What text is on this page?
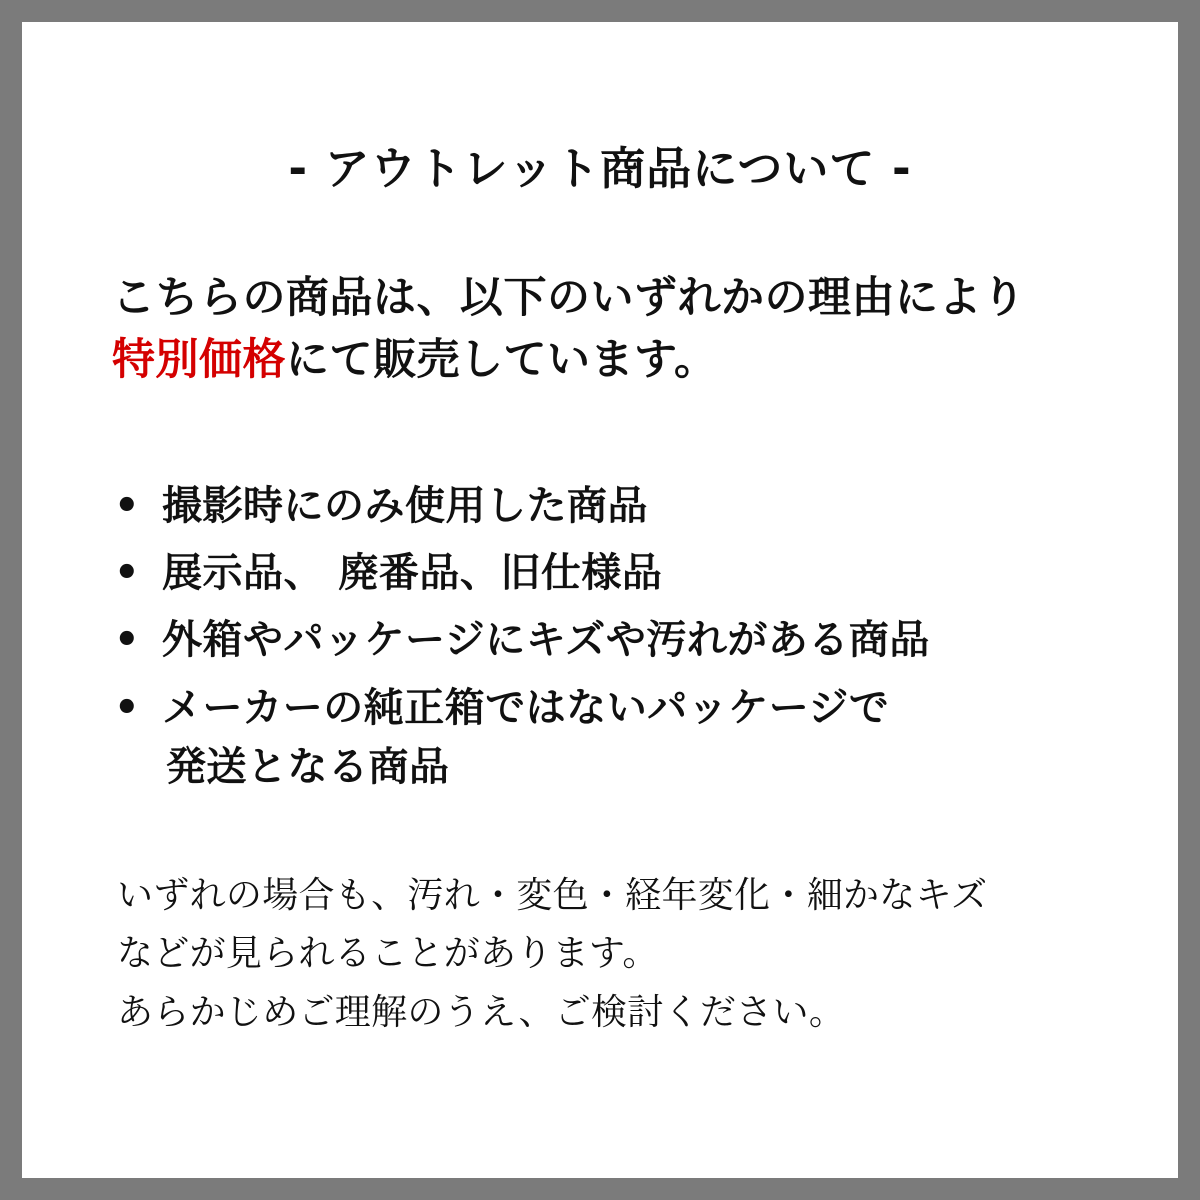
- アウトレット商品について -
こちらの商品は、以下のいずれかの理由により
特別価格にて販売しています。
• 撮影時にのみ使用した商品
• 展示品、 廃番品、旧仕様品
• 外箱やパッケージにキズや汚れがある商品
• メーカーの純正箱ではないパッケージで
発送となる商品

いずれの場合も、汚れ・変色・経年変化・細かなキズ

などが見られることがあります。

あらかじめご理解のうえ、ご検討ください。
